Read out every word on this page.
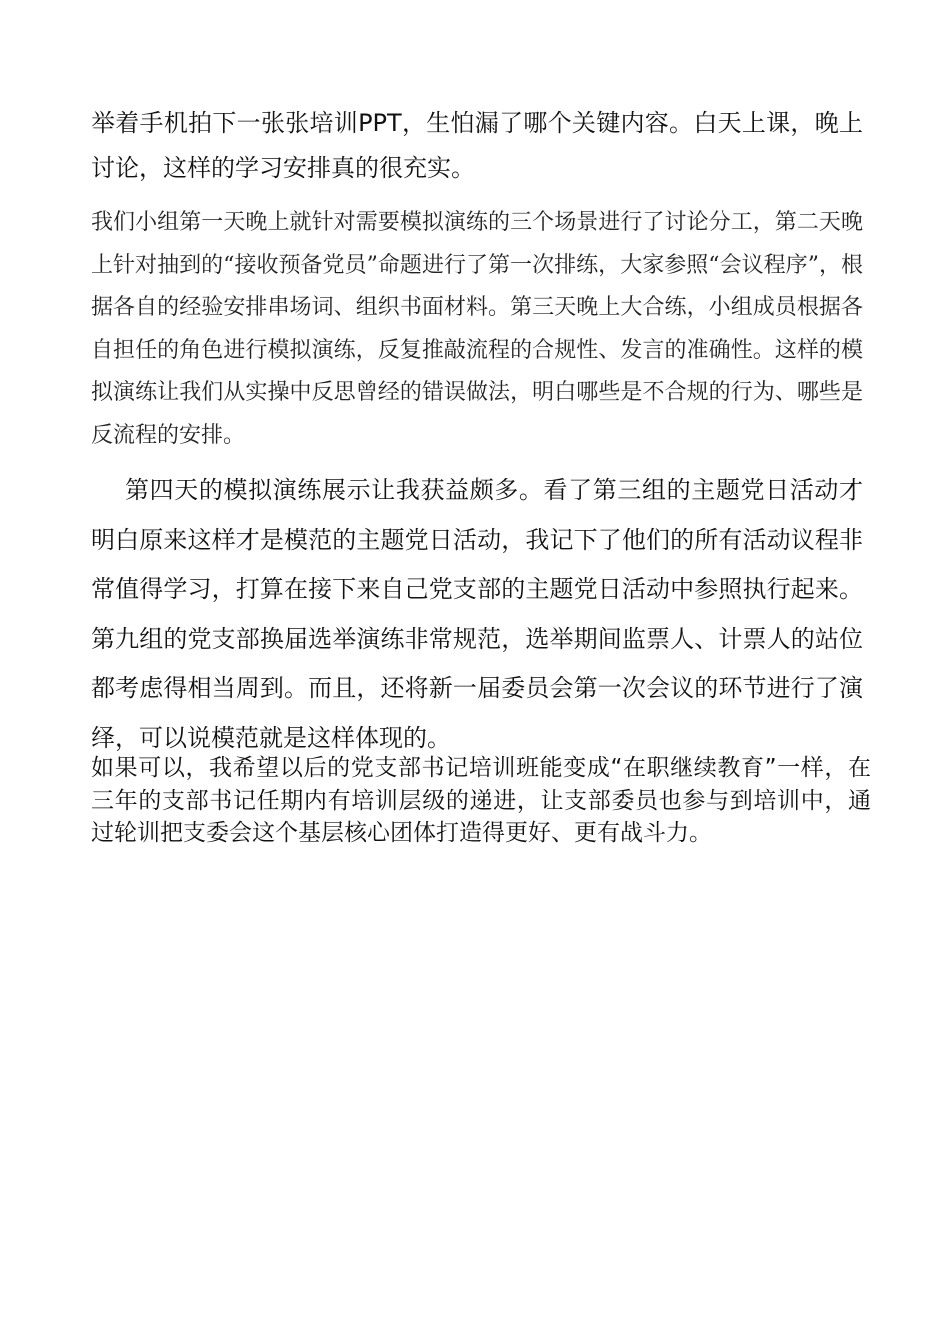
举着手机拍下一张张培训PPT，生怕漏了哪个关键内容。白天上课，晚上讨论，这样的学习安排真的很充实。

我们小组第一天晚上就针对需要模拟演练的三个场景进行了讨论分工，第二天晚上针对抽到的“接收预备党员”命题进行了第一次排练，大家参照“会议程序”，根据各自的经验安排串场词、组织书面材料。第三天晚上大合练，小组成员根据各自担任的角色进行模拟演练，反复推敲流程的合规性、发言的准确性。这样的模拟演练让我们从实操中反思曾经的错误做法，明白哪些是不合规的行为、哪些是反流程的安排。

第四天的模拟演练展示让我获益颇多。看了第三组的主题党日活动才明白原来这样才是模范的主题党日活动，我记下了他们的所有活动议程非常值得学习，打算在接下来自己党支部的主题党日活动中参照执行起来。第九组的党支部换届选举演练非常规范，选举期间监票人、计票人的站位都考虑得相当周到。而且，还将新一届委员会第一次会议的环节进行了演绎，可以说模范就是这样体现的。

如果可以，我希望以后的党支部书记培训班能变成“在职继续教育”一样，在三年的支部书记任期内有培训层级的递进，让支部委员也参与到培训中，通过轮训把支委会这个基层核心团体打造得更好、更有战斗力。
